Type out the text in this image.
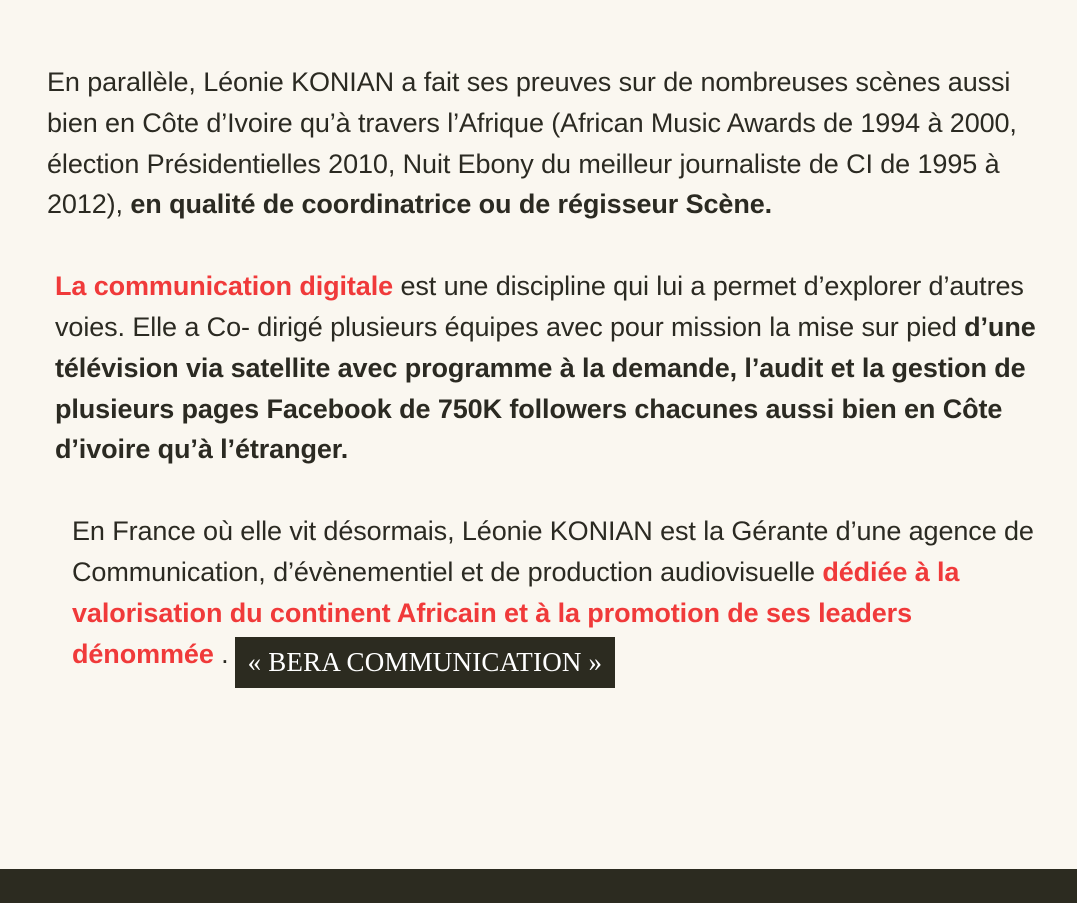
En parallèle, Léonie KONIAN a fait ses preuves sur de nombreuses scènes aussi bien en Côte d’Ivoire qu’à travers l’Afrique (African Music Awards de 1994 à 2000, élection Présidentielles 2010, Nuit Ebony du meilleur journaliste de CI de 1995 à 2012), en qualité de coordinatrice ou de régisseur Scène.

La communication digitale est une discipline qui lui a permet d’explorer d’autres voies. Elle a Co- dirigé plusieurs équipes avec pour mission la mise sur pied d’une télévision via satellite avec programme à la demande, l’audit et la gestion de plusieurs pages Facebook de 750K followers chacunes aussi bien en Côte d’ivoire qu’à l’étranger.

En France où elle vit désormais, Léonie KONIAN est la Gérante d’une agence de Communication, d’évènementiel et de production audiovisuelle dédiée à la valorisation du continent Africain et à la promotion de ses leaders dénommée . « BERA COMMUNICATION »
